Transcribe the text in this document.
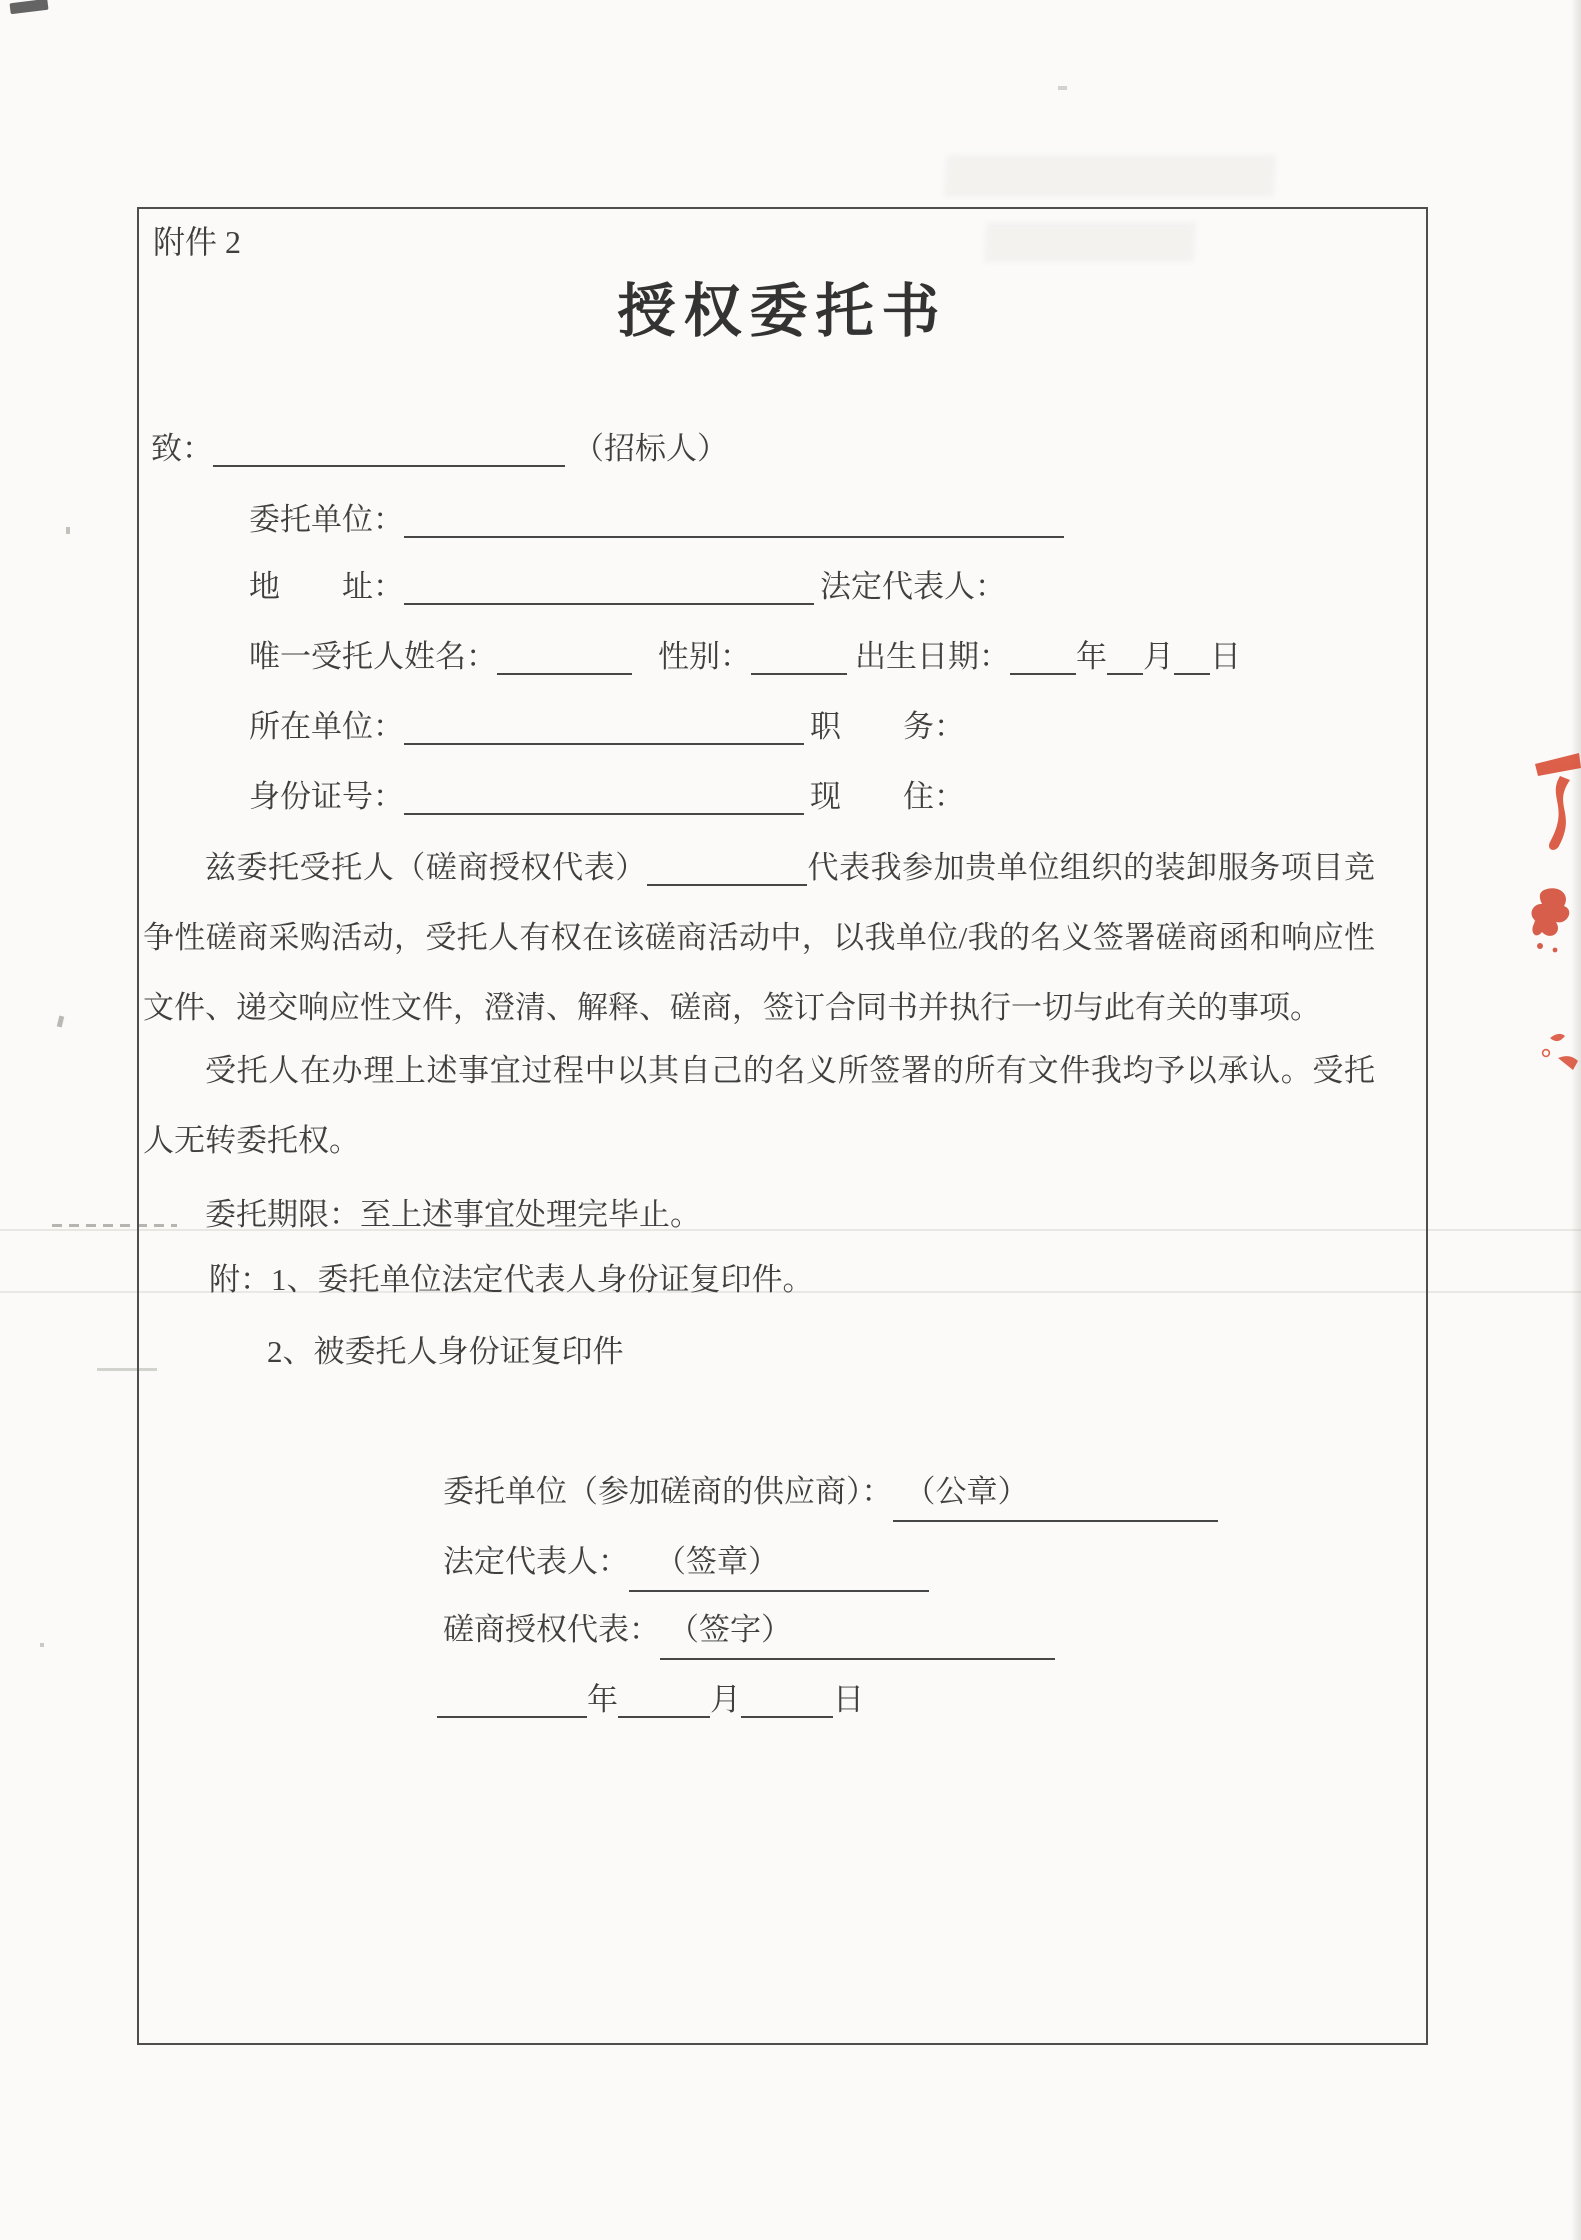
附件 2
授权委托书
致：	（招标人）
委托单位：
地　　址：	法定代表人：
唯一受托人姓名：	性别：	出生日期： 年 月 日
所在单位：	职　　务：
身份证号：	现　　住：
兹委托受托人（磋商授权代表）	代表我参加贵单位组织的装卸服务项目竞争性磋商采购活动，受托人有权在该磋商活动中，以我单位/我的名义签署磋商函和响应性文件、递交响应性文件，澄清、解释、磋商，签订合同书并执行一切与此有关的事项。
受托人在办理上述事宜过程中以其自己的名义所签署的所有文件我均予以承认。受托人无转委托权。
委托期限：至上述事宜处理完毕止。
附：1、委托单位法定代表人身份证复印件。
2、被委托人身份证复印件
委托单位（参加磋商的供应商）： （公章）
法定代表人： （签章）
磋商授权代表： （签字）
年	月	日
